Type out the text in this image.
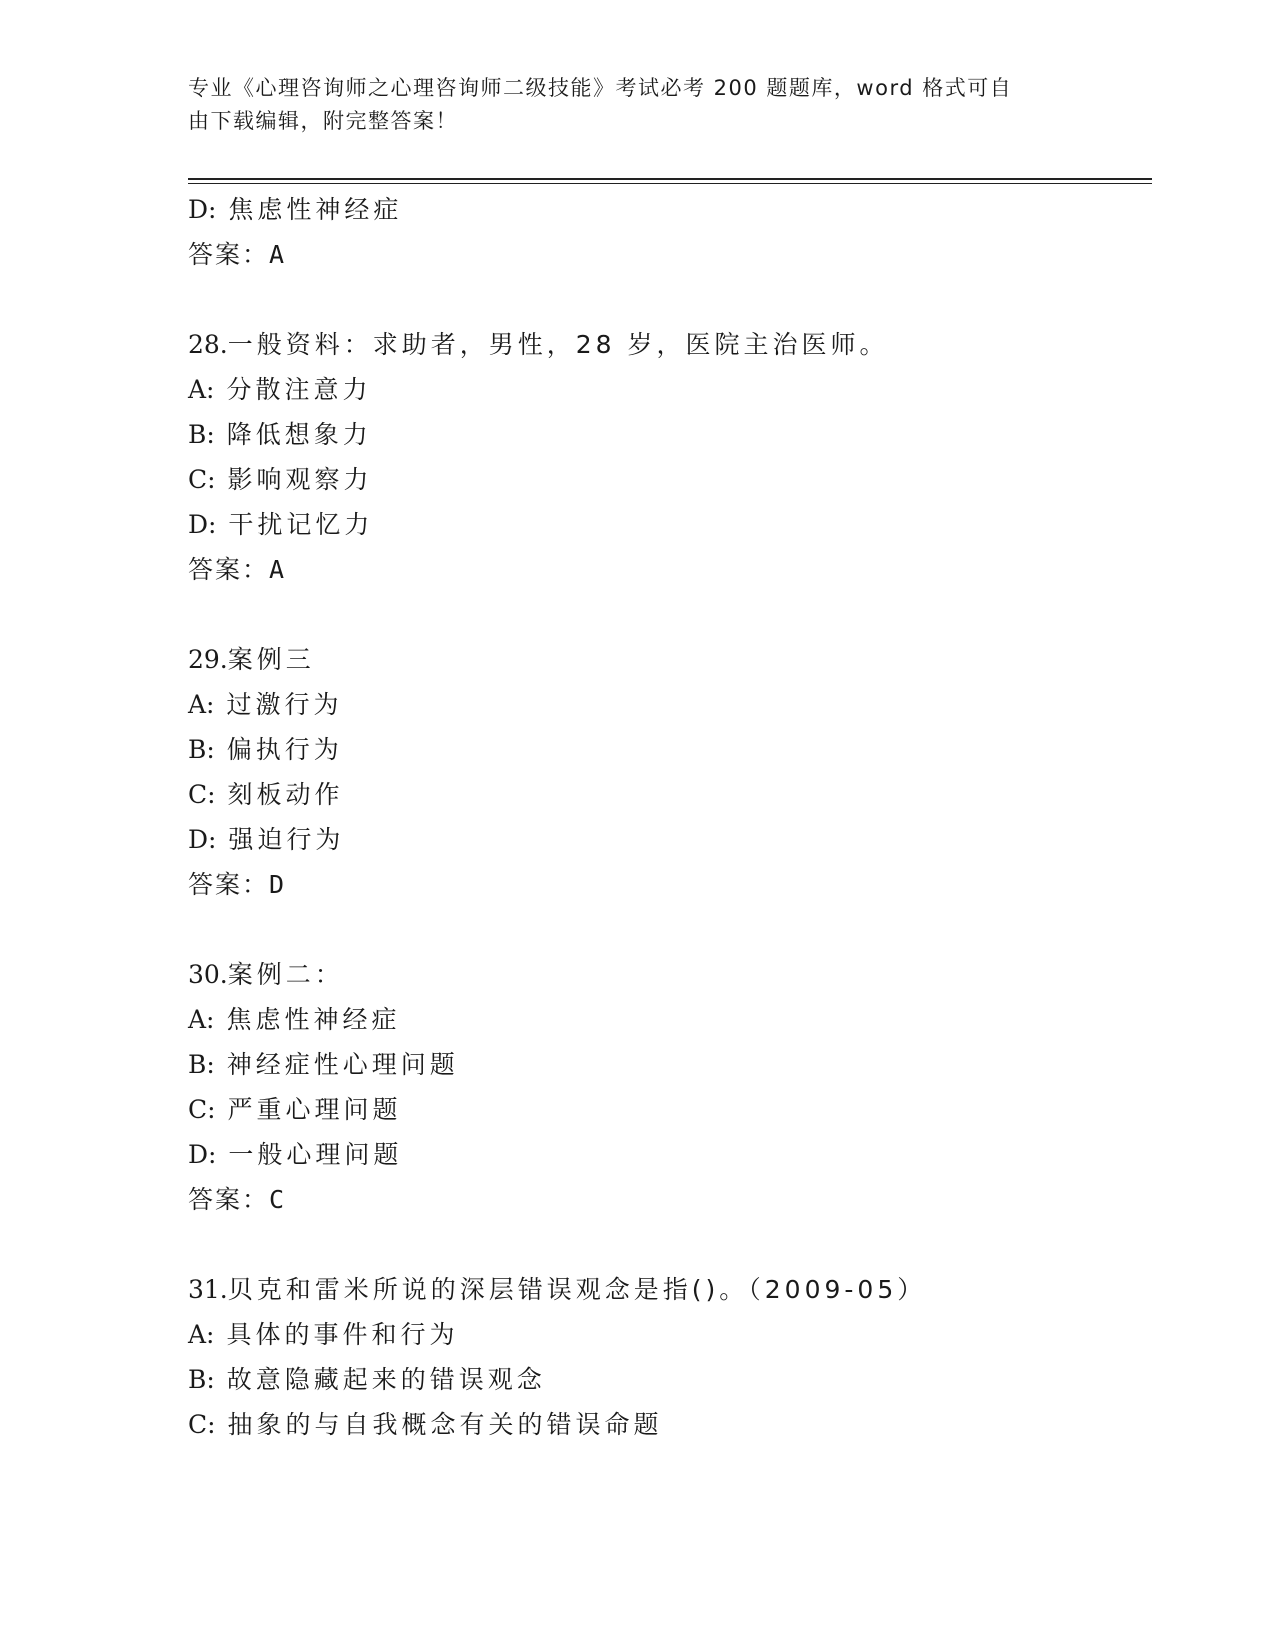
专业《心理咨询师之心理咨询师二级技能》考试必考 200 题题库，word 格式可自
由下载编辑，附完整答案！
D: 焦虑性神经症
答案：A
28.一般资料：求助者，男性，28 岁，医院主治医师。
A: 分散注意力
B: 降低想象力
C: 影响观察力
D: 干扰记忆力
答案：A
29.案例三
A: 过激行为
B: 偏执行为
C: 刻板动作
D: 强迫行为
答案：D
30.案例二：
A: 焦虑性神经症
B: 神经症性心理问题
C: 严重心理问题
D: 一般心理问题
答案：C
31.贝克和雷米所说的深层错误观念是指()。（2009-05）
A: 具体的事件和行为
B: 故意隐藏起来的错误观念
C: 抽象的与自我概念有关的错误命题
